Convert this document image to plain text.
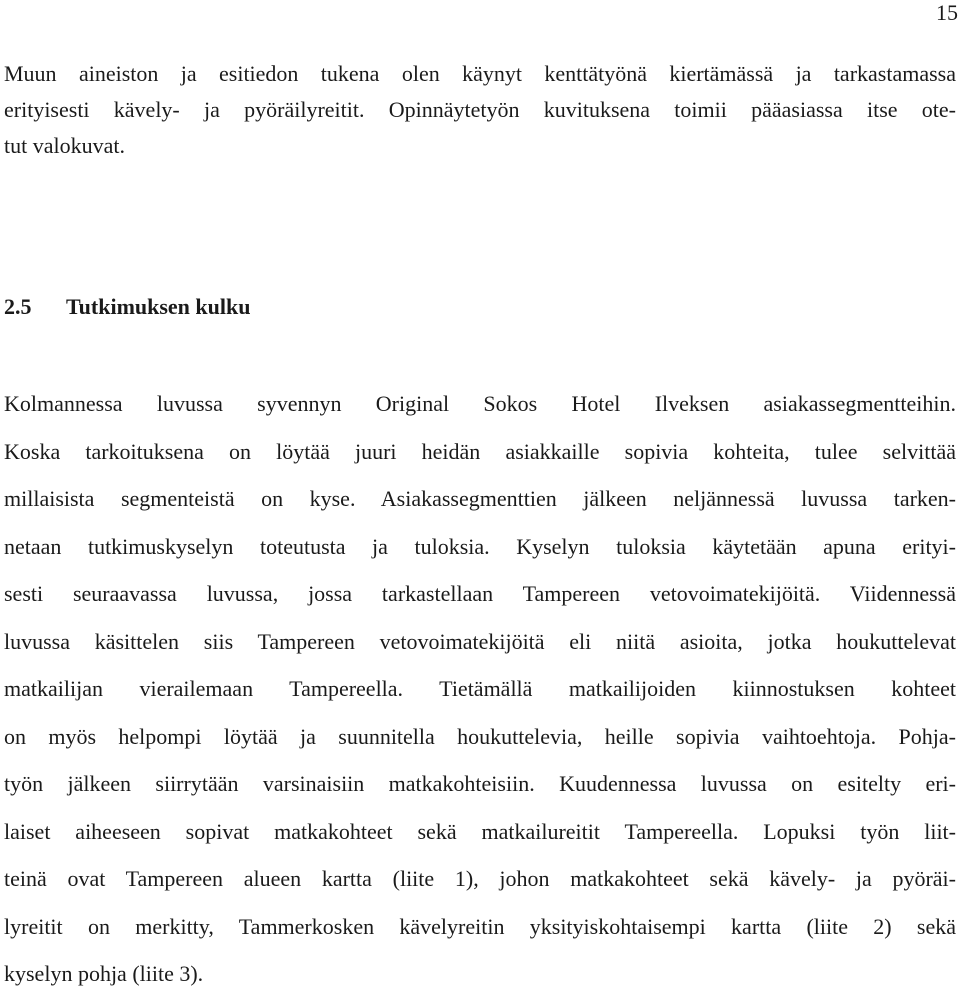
15
Muun aineiston ja esitiedon tukena olen käynyt kenttätyönä kiertämässä ja tarkastamassa
erityisesti kävely- ja pyöräilyreitit. Opinnäytetyön kuvituksena toimii pääasiassa itse ote-
tut valokuvat.
2.5 Tutkimuksen kulku
Kolmannessa luvussa syvennyn Original Sokos Hotel Ilveksen asiakassegmentteihin.
Koska tarkoituksena on löytää juuri heidän asiakkaille sopivia kohteita, tulee selvittää
millaisista segmenteistä on kyse. Asiakassegmenttien jälkeen neljännessä luvussa tarken-
netaan tutkimuskyselyn toteutusta ja tuloksia. Kyselyn tuloksia käytetään apuna erityi-
sesti seuraavassa luvussa, jossa tarkastellaan Tampereen vetovoimatekijöitä. Viidennessä
luvussa käsittelen siis Tampereen vetovoimatekijöitä eli niitä asioita, jotka houkuttelevat
matkailijan vierailemaan Tampereella. Tietämällä matkailijoiden kiinnostuksen kohteet
on myös helpompi löytää ja suunnitella houkuttelevia, heille sopivia vaihtoehtoja. Pohja-
työn jälkeen siirrytään varsinaisiin matkakohteisiin. Kuudennessa luvussa on esitelty eri-
laiset aiheeseen sopivat matkakohteet sekä matkailureitit Tampereella. Lopuksi työn liit-
teinä ovat Tampereen alueen kartta (liite 1), johon matkakohteet sekä kävely- ja pyöräi-
lyreitit on merkitty, Tammerkosken kävelyreitin yksityiskohtaisempi kartta (liite 2) sekä
kyselyn pohja (liite 3).
